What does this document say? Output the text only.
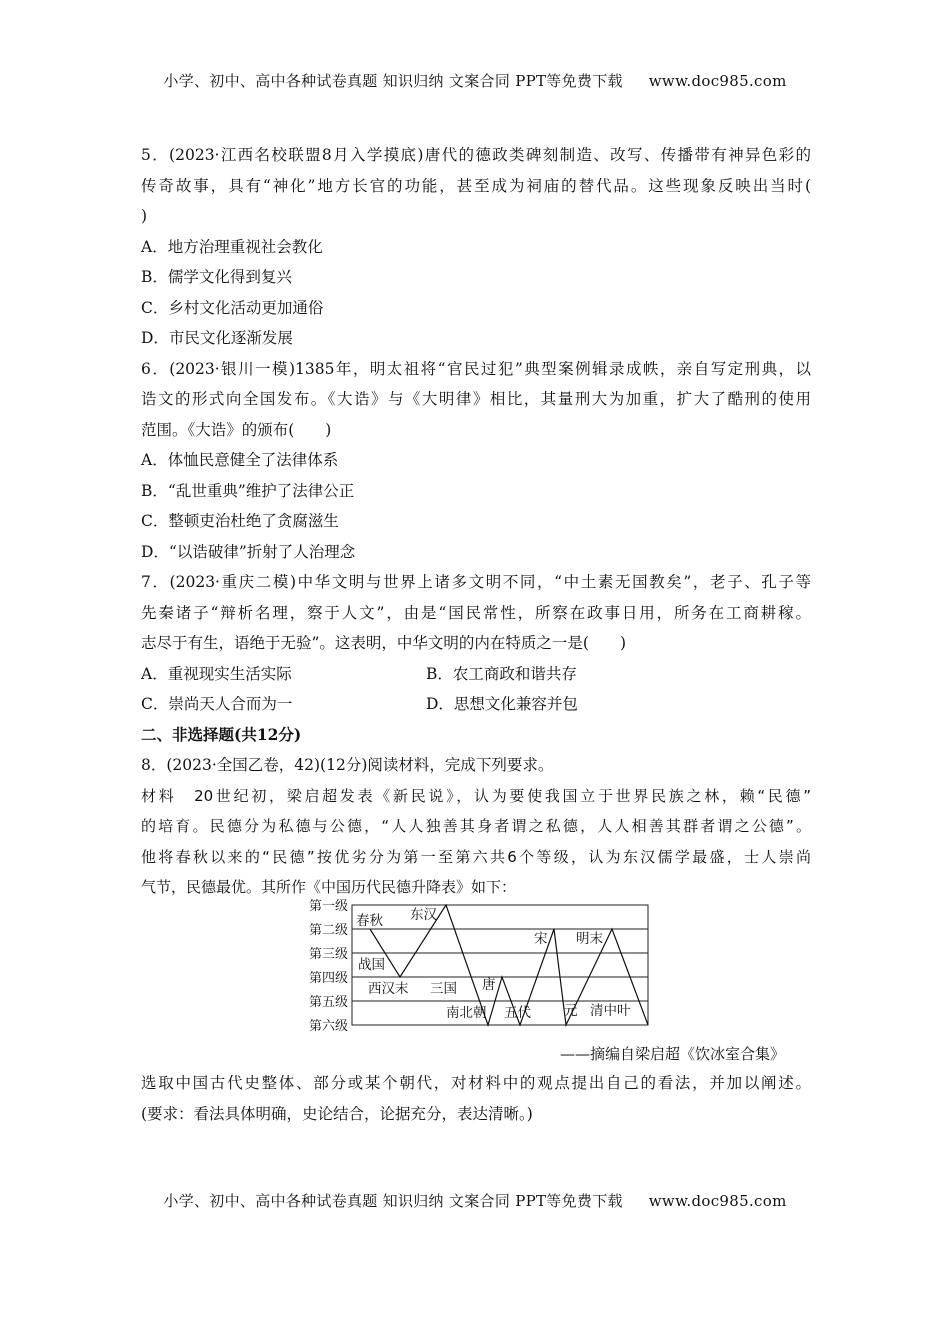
小学、初中、高中各种试卷真题 知识归纳 文案合同 PPT等免费下载 www.doc985.com
5．(2023·江西名校联盟8月入学摸底)唐代的德政类碑刻制造、改写、传播带有神异色彩的
传奇故事，具有“神化”地方长官的功能，甚至成为祠庙的替代品。这些现象反映出当时(
)
A．地方治理重视社会教化
B．儒学文化得到复兴
C．乡村文化活动更加通俗
D．市民文化逐渐发展
6．(2023·银川一模)1385年，明太祖将“官民过犯”典型案例辑录成帙，亲自写定刑典，以
诰文的形式向全国发布。《大诰》与《大明律》相比，其量刑大为加重，扩大了酷刑的使用
范围。《大诰》的颁布(　　)
A．体恤民意健全了法律体系
B．“乱世重典”维护了法律公正
C．整顿吏治杜绝了贪腐滋生
D．“以诰破律”折射了人治理念
7．(2023·重庆二模)中华文明与世界上诸多文明不同，“中土素无国教矣”，老子、孔子等
先秦诸子“辩析名理，察于人文”，由是“国民常性，所察在政事日用，所务在工商耕稼。
志尽于有生，语绝于无验”。这表明，中华文明的内在特质之一是(　　)
A．重视现实生活实际	B．农工商政和谐共存
C．崇尚天人合而为一	D．思想文化兼容并包
二、非选择题(共12分)
8．(2023·全国乙卷，42)(12分)阅读材料，完成下列要求。
材料　20世纪初，梁启超发表《新民说》，认为要使我国立于世界民族之林，赖“民德”
的培育。民德分为私德与公德，“人人独善其身者谓之私德，人人相善其群者谓之公德”。
他将春秋以来的“民德”按优劣分为第一至第六共6个等级，认为东汉儒学最盛，士人崇尚
气节，民德最优。其所作《中国历代民德升降表》如下：
第一级
第二级
第三级
第四级
第五级
第六级
春秋
战国
东汉
西汉末 三国
南北朝
唐
五代
宋
元
明末
清中叶
——摘编自梁启超《饮冰室合集》
选取中国古代史整体、部分或某个朝代，对材料中的观点提出自己的看法，并加以阐述。
(要求：看法具体明确，史论结合，论据充分，表达清晰。)
小学、初中、高中各种试卷真题 知识归纳 文案合同 PPT等免费下载 www.doc985.com
